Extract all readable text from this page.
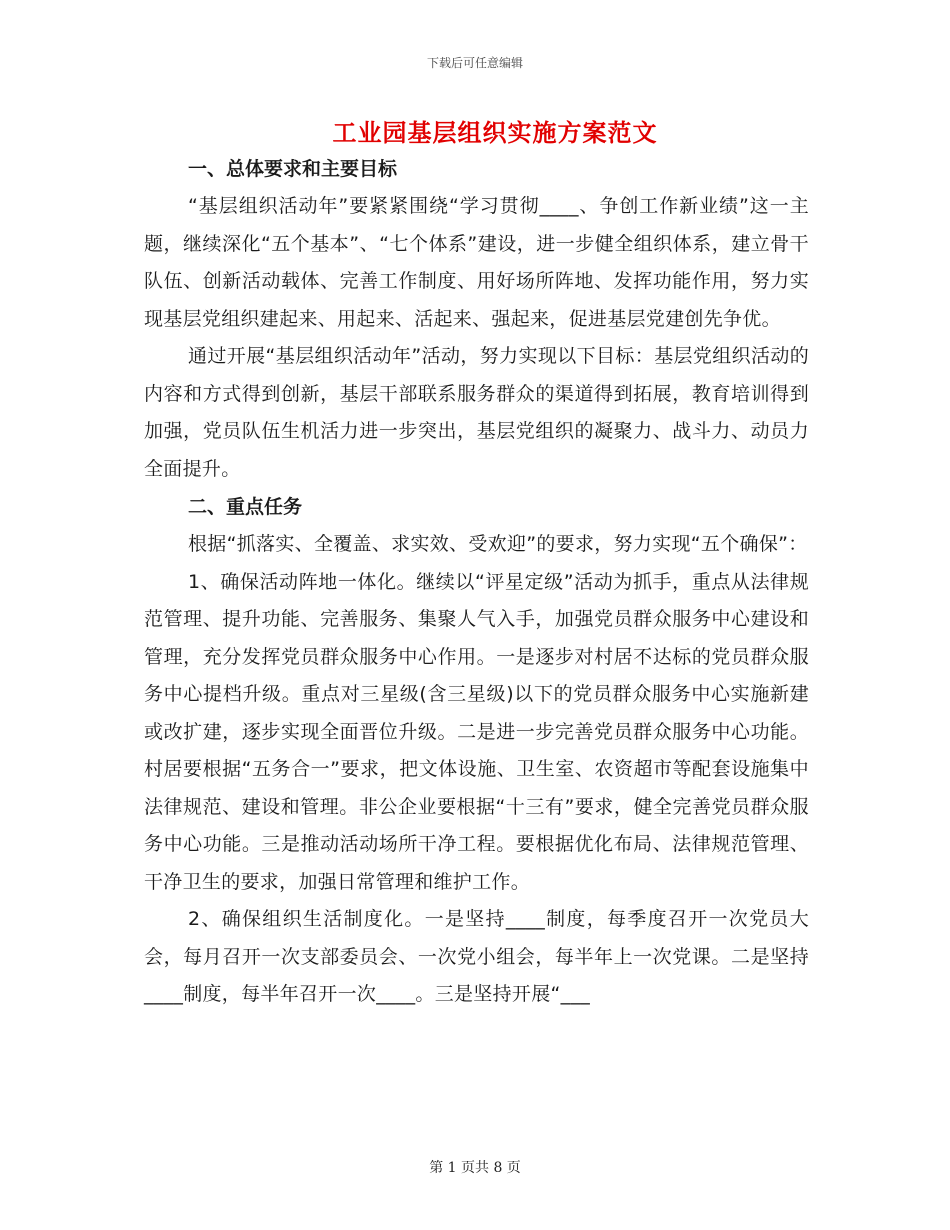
下载后可任意编辑
工业园基层组织实施方案范文
一、总体要求和主要目标

“基层组织活动年”要紧紧围绕“学习贯彻____、争创工作新业绩”这一主题，继续深化“五个基本”、“七个体系”建设，进一步健全组织体系，建立骨干队伍、创新活动载体、完善工作制度、用好场所阵地、发挥功能作用，努力实现基层党组织建起来、用起来、活起来、强起来，促进基层党建创先争优。

通过开展“基层组织活动年”活动，努力实现以下目标：基层党组织活动的内容和方式得到创新，基层干部联系服务群众的渠道得到拓展，教育培训得到加强，党员队伍生机活力进一步突出，基层党组织的凝聚力、战斗力、动员力全面提升。

二、重点任务

根据“抓落实、全覆盖、求实效、受欢迎”的要求，努力实现“五个确保”：

1、确保活动阵地一体化。继续以“评星定级”活动为抓手，重点从法律规范管理、提升功能、完善服务、集聚人气入手，加强党员群众服务中心建设和管理，充分发挥党员群众服务中心作用。一是逐步对村居不达标的党员群众服务中心提档升级。重点对三星级(含三星级)以下的党员群众服务中心实施新建或改扩建，逐步实现全面晋位升级。二是进一步完善党员群众服务中心功能。村居要根据“五务合一”要求，把文体设施、卫生室、农资超市等配套设施集中法律规范、建设和管理。非公企业要根据“十三有”要求，健全完善党员群众服务中心功能。三是推动活动场所干净工程。要根据优化布局、法律规范管理、干净卫生的要求，加强日常管理和维护工作。

2、确保组织生活制度化。一是坚持____制度，每季度召开一次党员大会，每月召开一次支部委员会、一次党小组会，每半年上一次党课。二是坚持____制度，每半年召开一次____。三是坚持开展“___

第 1 页共 8 页
